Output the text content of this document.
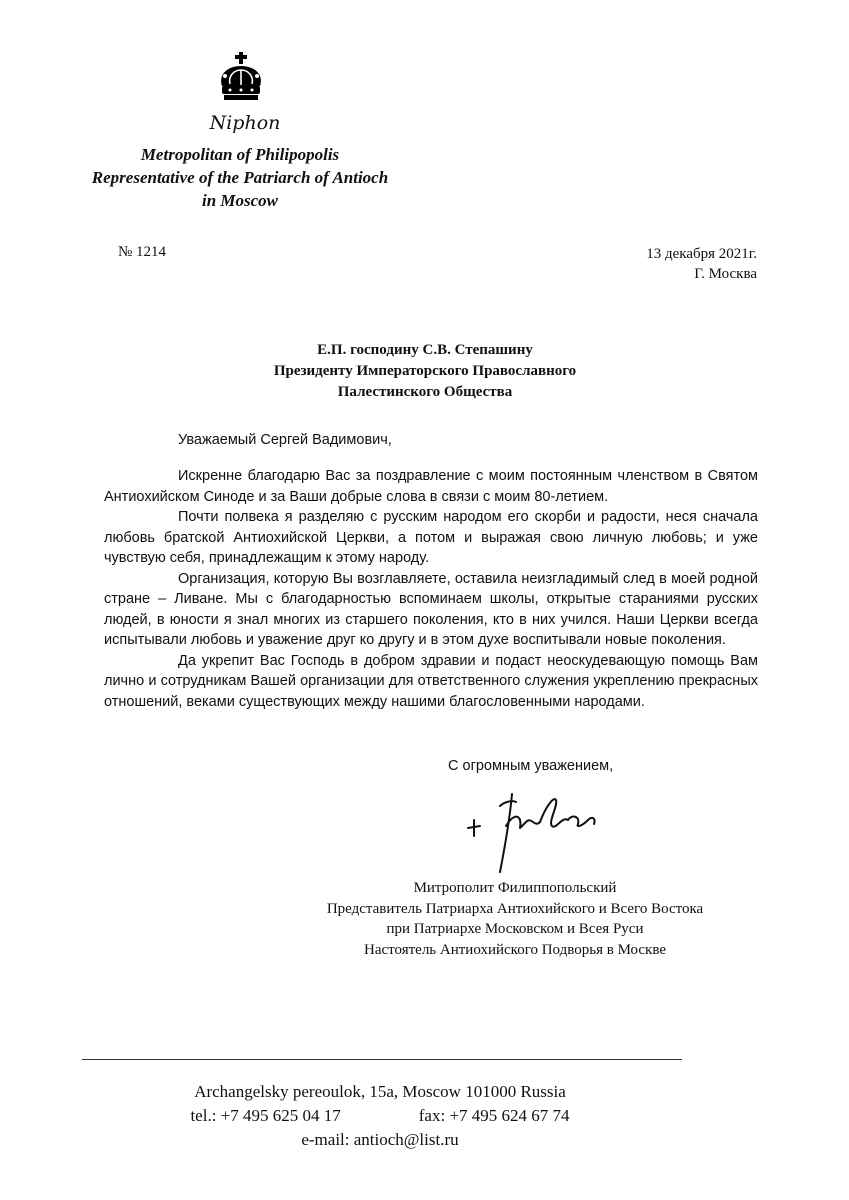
Niphon
Metropolitan of Philipopolis
Representative of the Patriarch of Antioch
in Moscow
№ 1214	13 декабря 2021г.
Г. Москва
Е.П. господину С.В. Степашину
Президенту Императорского Православного
Палестинского Общества
Уважаемый Сергей Вадимович,

Искренне благодарю Вас за поздравление с моим постоянным членством в Святом Антиохийском Синоде и за Ваши добрые слова в связи с моим 80-летием.

Почти полвека я разделяю с русским народом его скорби и радости, неся сначала любовь братской Антиохийской Церкви, а потом и выражая свою личную любовь; и уже чувствую себя, принадлежащим к этому народу.

Организация, которую Вы возглавляете, оставила неизгладимый след в моей родной стране – Ливане. Мы с благодарностью вспоминаем школы, открытые стараниями русских людей, в юности я знал многих из старшего поколения, кто в них учился. Наши Церкви всегда испытывали любовь и уважение друг ко другу и в этом духе воспитывали новые поколения.

Да укрепит Вас Господь в добром здравии и подаст неоскудевающую помощь Вам лично и сотрудникам Вашей организации для ответственного служения укреплению прекрасных отношений, веками существующих между нашими благословенными народами.

С огромным уважением,
Митрополит Филиппопольский
Представитель Патриарха Антиохийского и Всего Востока
при Патриархе Московском и Всея Руси
Настоятель Антиохийского Подворья в Москве
Archangelsky pereoulok, 15a, Moscow 101000 Russia
tel.: +7 495 625 04 17	fax: +7 495 624 67 74
e-mail: antioch@list.ru
